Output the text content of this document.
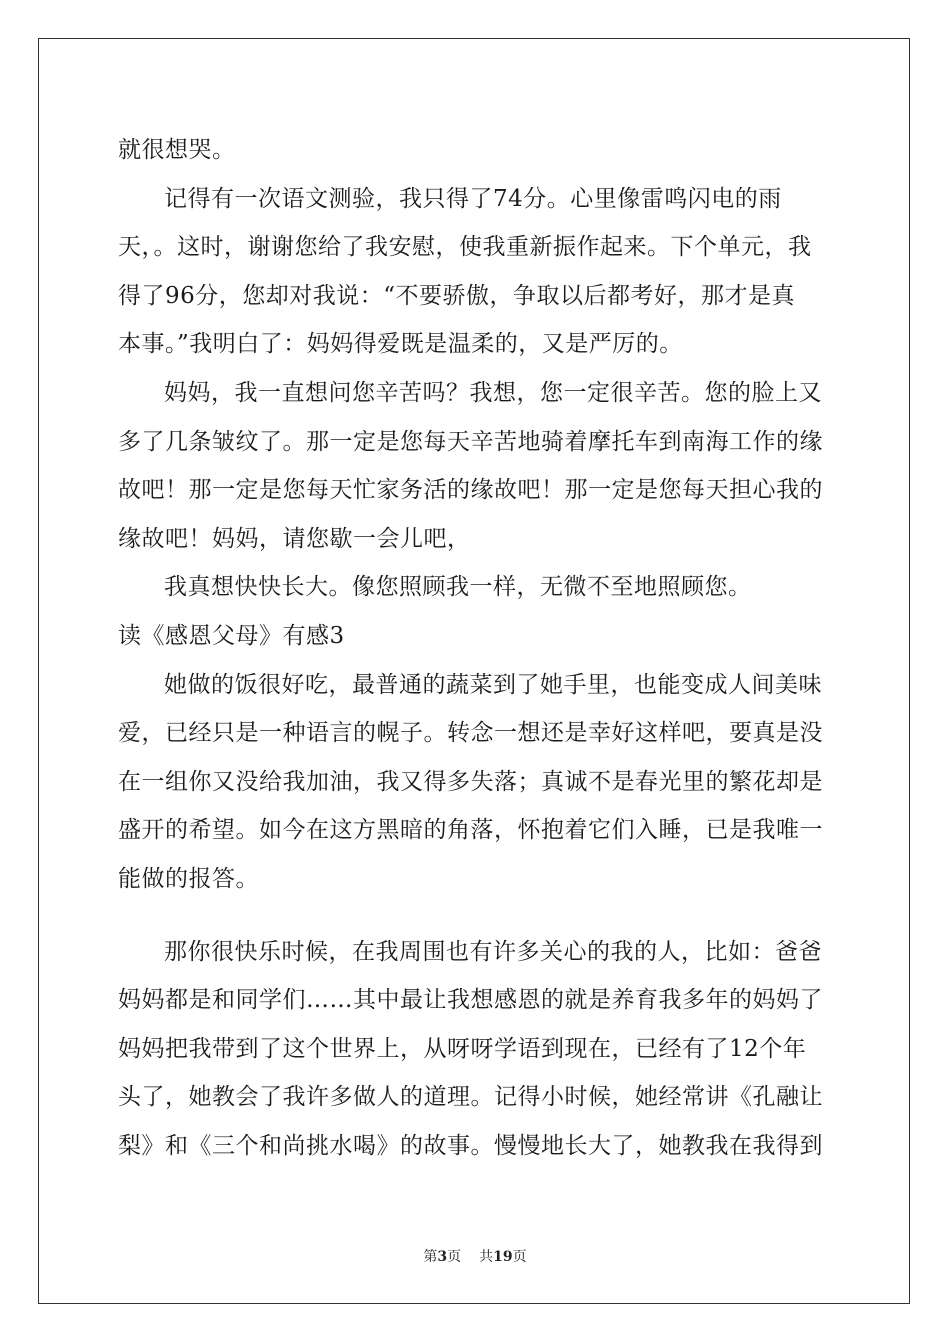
就很想哭。
记得有一次语文测验，我只得了74分。心里像雷鸣闪电的雨
天，。这时，谢谢您给了我安慰，使我重新振作起来。下个单元，我
得了96分，您却对我说：“不要骄傲，争取以后都考好，那才是真
本事。”我明白了：妈妈得爱既是温柔的，又是严厉的。
妈妈，我一直想问您辛苦吗？我想，您一定很辛苦。您的脸上又
多了几条皱纹了。那一定是您每天辛苦地骑着摩托车到南海工作的缘
故吧！那一定是您每天忙家务活的缘故吧！那一定是您每天担心我的
缘故吧！妈妈，请您歇一会儿吧，
我真想快快长大。像您照顾我一样，无微不至地照顾您。
读《感恩父母》有感3
她做的饭很好吃，最普通的蔬菜到了她手里，也能变成人间美味
爱，已经只是一种语言的幌子。转念一想还是幸好这样吧，要真是没
在一组你又没给我加油，我又得多失落；真诚不是春光里的繁花却是
盛开的希望。如今在这方黑暗的角落，怀抱着它们入睡，已是我唯一
能做的报答。
那你很快乐时候，在我周围也有许多关心的我的人，比如：爸爸
妈妈都是和同学们……其中最让我想感恩的就是养育我多年的妈妈了
妈妈把我带到了这个世界上，从呀呀学语到现在，已经有了12个年
头了，她教会了我许多做人的道理。记得小时候，她经常讲《孔融让
梨》和《三个和尚挑水喝》的故事。慢慢地长大了，她教我在我得到
第3页 共19页
